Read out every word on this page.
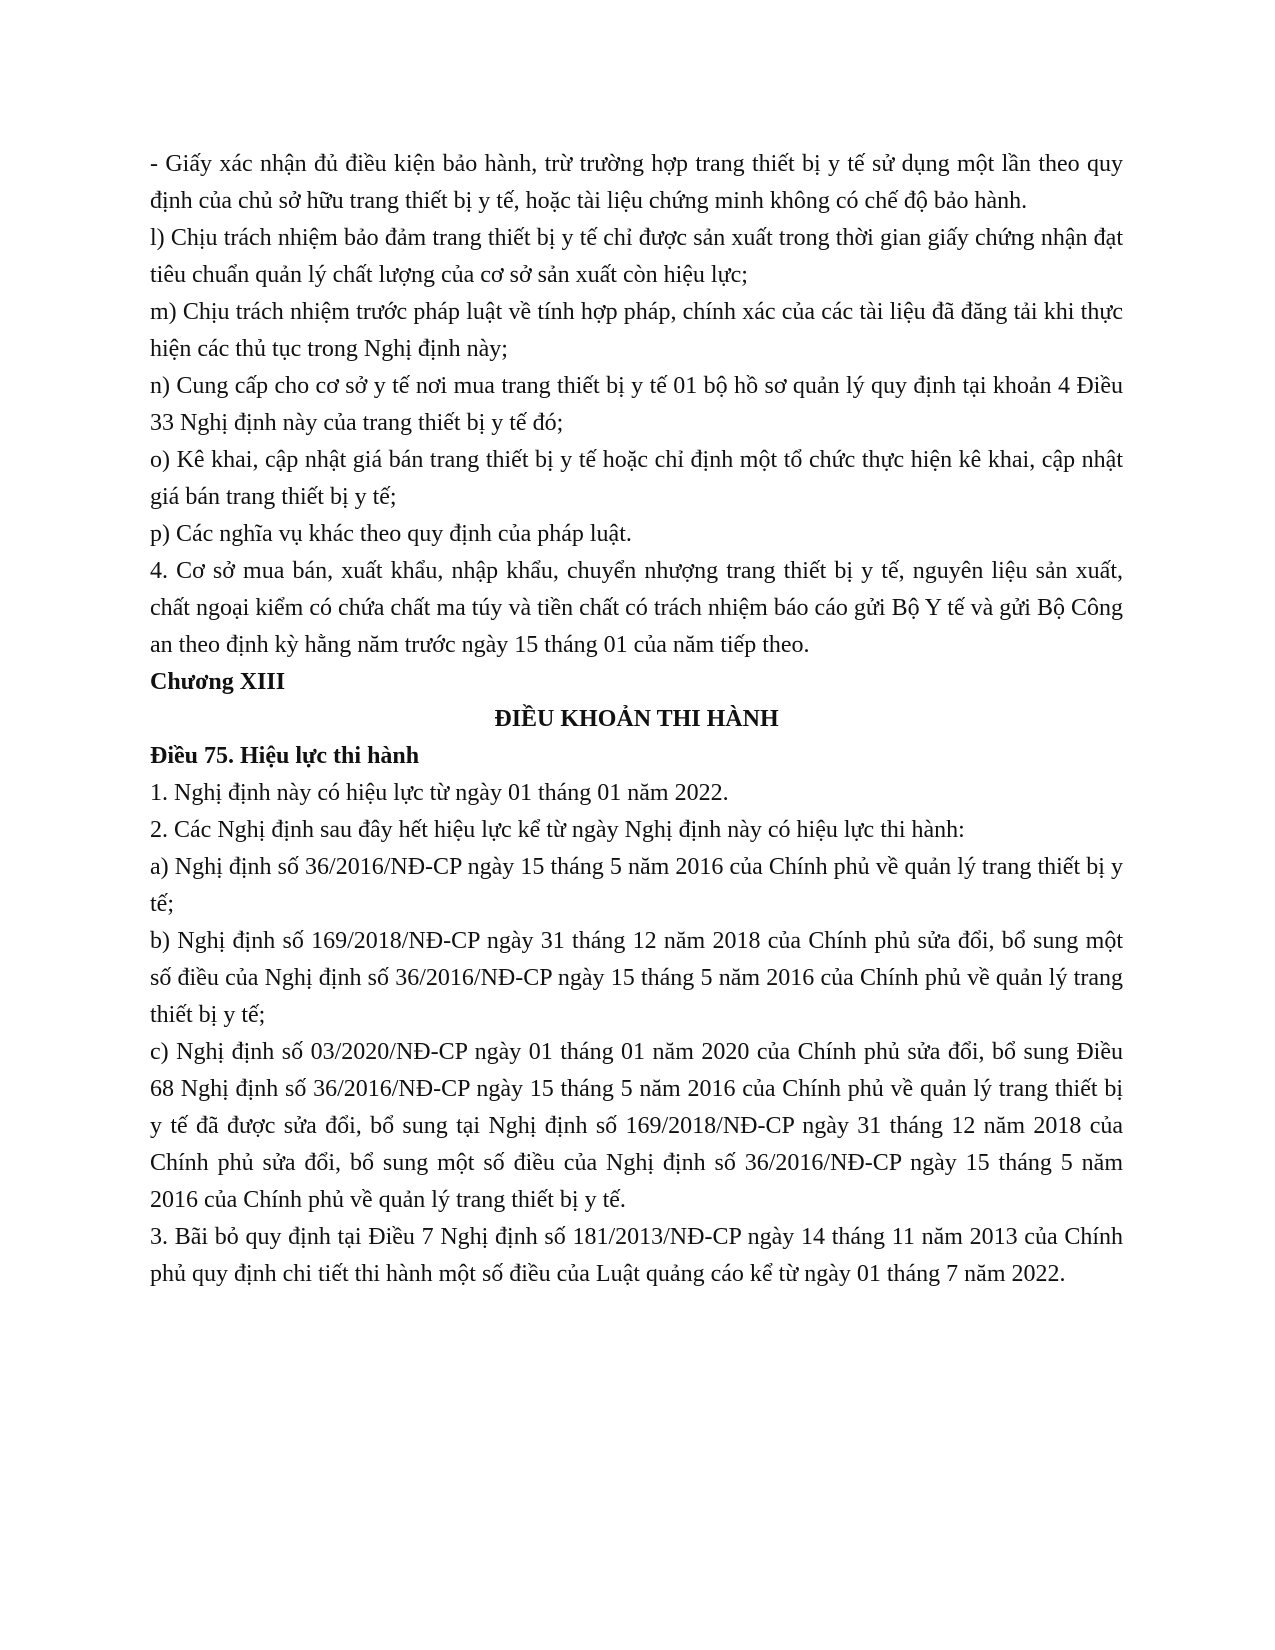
- Giấy xác nhận đủ điều kiện bảo hành, trừ trường hợp trang thiết bị y tế sử dụng một lần theo quy định của chủ sở hữu trang thiết bị y tế, hoặc tài liệu chứng minh không có chế độ bảo hành.

l) Chịu trách nhiệm bảo đảm trang thiết bị y tế chỉ được sản xuất trong thời gian giấy chứng nhận đạt tiêu chuẩn quản lý chất lượng của cơ sở sản xuất còn hiệu lực;

m) Chịu trách nhiệm trước pháp luật về tính hợp pháp, chính xác của các tài liệu đã đăng tải khi thực hiện các thủ tục trong Nghị định này;

n) Cung cấp cho cơ sở y tế nơi mua trang thiết bị y tế 01 bộ hồ sơ quản lý quy định tại khoản 4 Điều 33 Nghị định này của trang thiết bị y tế đó;

o) Kê khai, cập nhật giá bán trang thiết bị y tế hoặc chỉ định một tổ chức thực hiện kê khai, cập nhật giá bán trang thiết bị y tế;

p) Các nghĩa vụ khác theo quy định của pháp luật.

4. Cơ sở mua bán, xuất khẩu, nhập khẩu, chuyển nhượng trang thiết bị y tế, nguyên liệu sản xuất, chất ngoại kiểm có chứa chất ma túy và tiền chất có trách nhiệm báo cáo gửi Bộ Y tế và gửi Bộ Công an theo định kỳ hằng năm trước ngày 15 tháng 01 của năm tiếp theo.

Chương XIII

ĐIỀU KHOẢN THI HÀNH

Điều 75. Hiệu lực thi hành

1. Nghị định này có hiệu lực từ ngày 01 tháng 01 năm 2022.

2. Các Nghị định sau đây hết hiệu lực kể từ ngày Nghị định này có hiệu lực thi hành:

a) Nghị định số 36/2016/NĐ-CP ngày 15 tháng 5 năm 2016 của Chính phủ về quản lý trang thiết bị y tế;

b) Nghị định số 169/2018/NĐ-CP ngày 31 tháng 12 năm 2018 của Chính phủ sửa đổi, bổ sung một số điều của Nghị định số 36/2016/NĐ-CP ngày 15 tháng 5 năm 2016 của Chính phủ về quản lý trang thiết bị y tế;

c) Nghị định số 03/2020/NĐ-CP ngày 01 tháng 01 năm 2020 của Chính phủ sửa đổi, bổ sung Điều 68 Nghị định số 36/2016/NĐ-CP ngày 15 tháng 5 năm 2016 của Chính phủ về quản lý trang thiết bị y tế đã được sửa đổi, bổ sung tại Nghị định số 169/2018/NĐ-CP ngày 31 tháng 12 năm 2018 của Chính phủ sửa đổi, bổ sung một số điều của Nghị định số 36/2016/NĐ-CP ngày 15 tháng 5 năm 2016 của Chính phủ về quản lý trang thiết bị y tế.

3. Bãi bỏ quy định tại Điều 7 Nghị định số 181/2013/NĐ-CP ngày 14 tháng 11 năm 2013 của Chính phủ quy định chi tiết thi hành một số điều của Luật quảng cáo kể từ ngày 01 tháng 7 năm 2022.
